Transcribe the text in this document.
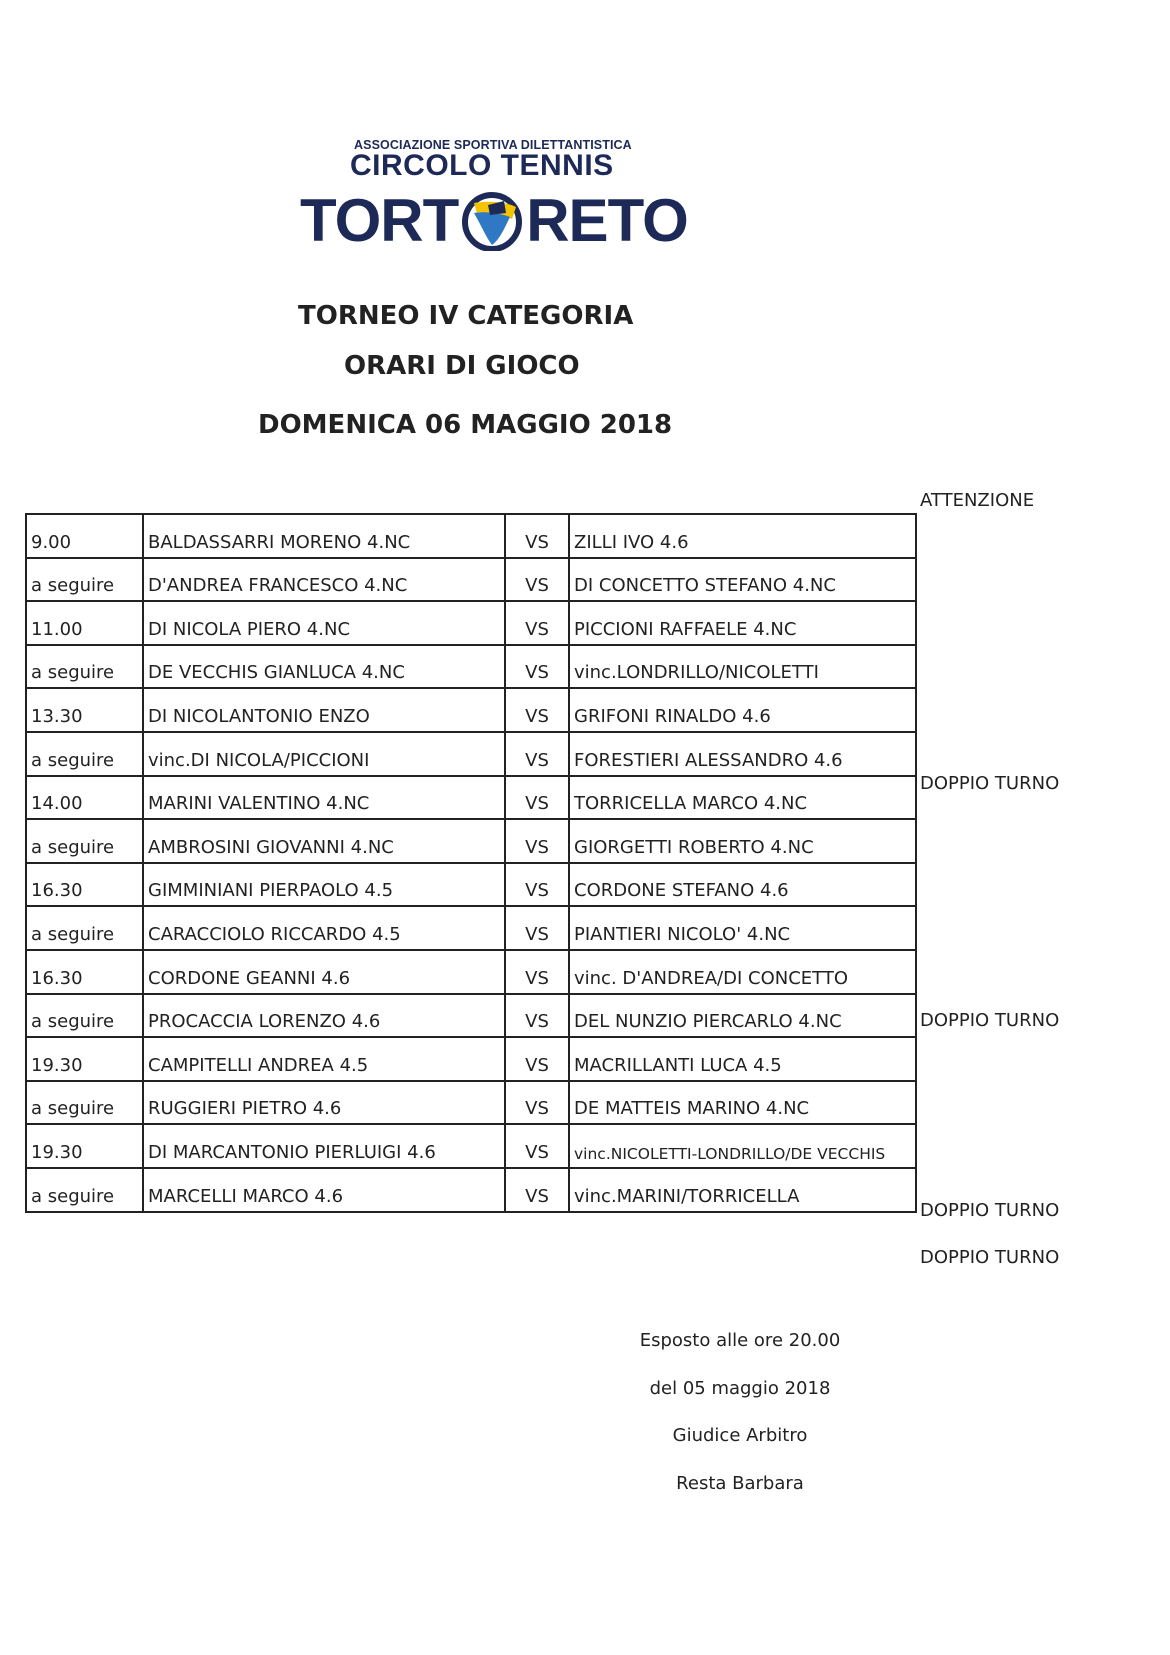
ASSOCIAZIONE SPORTIVA DILETTANTISTICA
CIRCOLO TENNIS
TORT RETO
TORNEO IV CATEGORIA
ORARI DI GIOCO
DOMENICA 06 MAGGIO 2018
ATTENZIONE
9.00	BALDASSARRI MORENO 4.NC	VS	ZILLI IVO 4.6
a seguire	D'ANDREA FRANCESCO 4.NC	VS	DI CONCETTO STEFANO 4.NC
11.00	DI NICOLA PIERO 4.NC	VS	PICCIONI RAFFAELE 4.NC
a seguire	DE VECCHIS GIANLUCA 4.NC	VS	vinc.LONDRILLO/NICOLETTI
13.30	DI NICOLANTONIO ENZO	VS	GRIFONI RINALDO 4.6
a seguire	vinc.DI NICOLA/PICCIONI	VS	FORESTIERI ALESSANDRO 4.6
14.00	MARINI VALENTINO 4.NC	VS	TORRICELLA MARCO 4.NC
a seguire	AMBROSINI GIOVANNI 4.NC	VS	GIORGETTI ROBERTO 4.NC
16.30	GIMMINIANI PIERPAOLO 4.5	VS	CORDONE STEFANO 4.6
a seguire	CARACCIOLO RICCARDO 4.5	VS	PIANTIERI NICOLO' 4.NC
16.30	CORDONE GEANNI 4.6	VS	vinc. D'ANDREA/DI CONCETTO
a seguire	PROCACCIA LORENZO 4.6	VS	DEL NUNZIO PIERCARLO 4.NC
19.30	CAMPITELLI ANDREA 4.5	VS	MACRILLANTI LUCA 4.5
a seguire	RUGGIERI PIETRO 4.6	VS	DE MATTEIS MARINO 4.NC
19.30	DI MARCANTONIO PIERLUIGI 4.6	VS	vinc.NICOLETTI-LONDRILLO/DE VECCHIS
a seguire	MARCELLI MARCO 4.6	VS	vinc.MARINI/TORRICELLA
DOPPIO TURNO
DOPPIO TURNO
DOPPIO TURNO
DOPPIO TURNO
Esposto alle ore 20.00
del 05 maggio 2018
Giudice Arbitro
Resta Barbara
